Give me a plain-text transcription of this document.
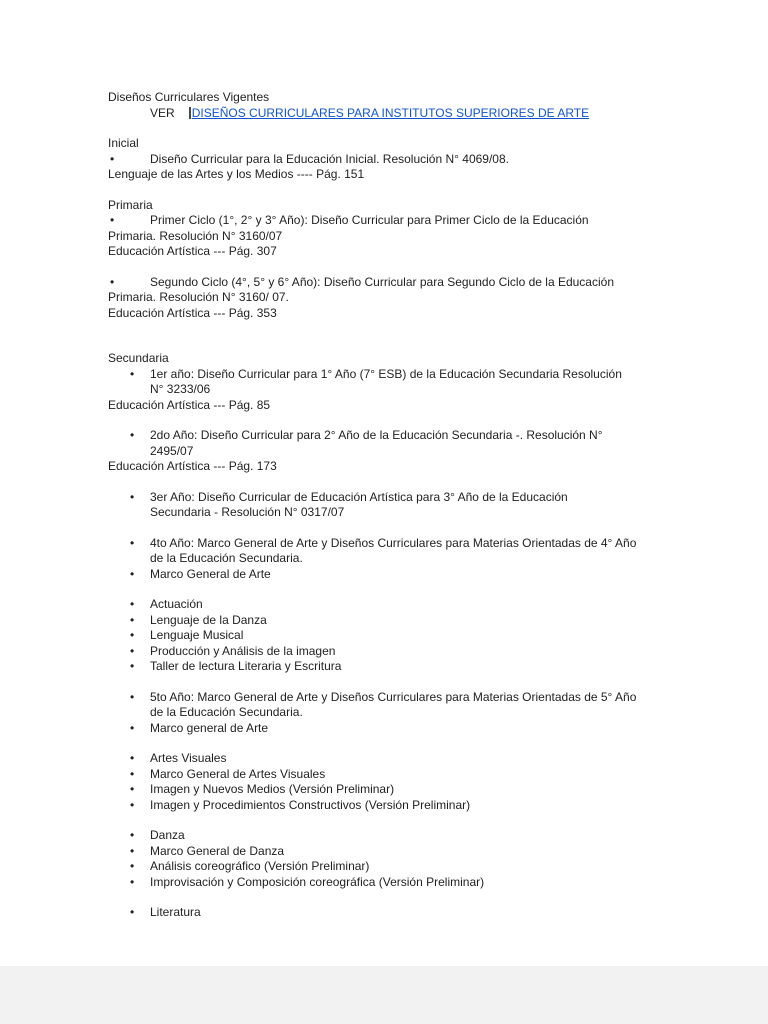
Diseños Curriculares Vigentes
VER DISEÑOS CURRICULARES PARA INSTITUTOS SUPERIORES DE ARTE
Inicial
•	Diseño Curricular para la Educación Inicial. Resolución N° 4069/08.
Lenguaje de las Artes y los Medios ---- Pág. 151
Primaria
•	Primer Ciclo (1°, 2° y 3° Año): Diseño Curricular para Primer Ciclo de la Educación
Primaria. Resolución N° 3160/07
Educación Artística --- Pág. 307
•	Segundo Ciclo (4°, 5° y 6° Año): Diseño Curricular para Segundo Ciclo de la Educación
Primaria. Resolución N° 3160/ 07.
Educación Artística --- Pág. 353
Secundaria
• 1er año: Diseño Curricular para 1° Año (7° ESB) de la Educación Secundaria Resolución
N° 3233/06
Educación Artística --- Pág. 85
• 2do Año: Diseño Curricular para 2° Año de la Educación Secundaria -. Resolución N°
2495/07
Educación Artística --- Pág. 173
• 3er Año: Diseño Curricular de Educación Artística para 3° Año de la Educación
Secundaria - Resolución N° 0317/07
• 4to Año: Marco General de Arte y Diseños Curriculares para Materias Orientadas de 4° Año
de la Educación Secundaria.
• Marco General de Arte
• Actuación
• Lenguaje de la Danza
• Lenguaje Musical
• Producción y Análisis de la imagen
• Taller de lectura Literaria y Escritura
• 5to Año: Marco General de Arte y Diseños Curriculares para Materias Orientadas de 5° Año
de la Educación Secundaria.
• Marco general de Arte
• Artes Visuales
• Marco General de Artes Visuales
• Imagen y Nuevos Medios (Versión Preliminar)
• Imagen y Procedimientos Constructivos (Versión Preliminar)
• Danza
• Marco General de Danza
• Análisis coreográfico (Versión Preliminar)
• Improvisación y Composición coreográfica (Versión Preliminar)
• Literatura
